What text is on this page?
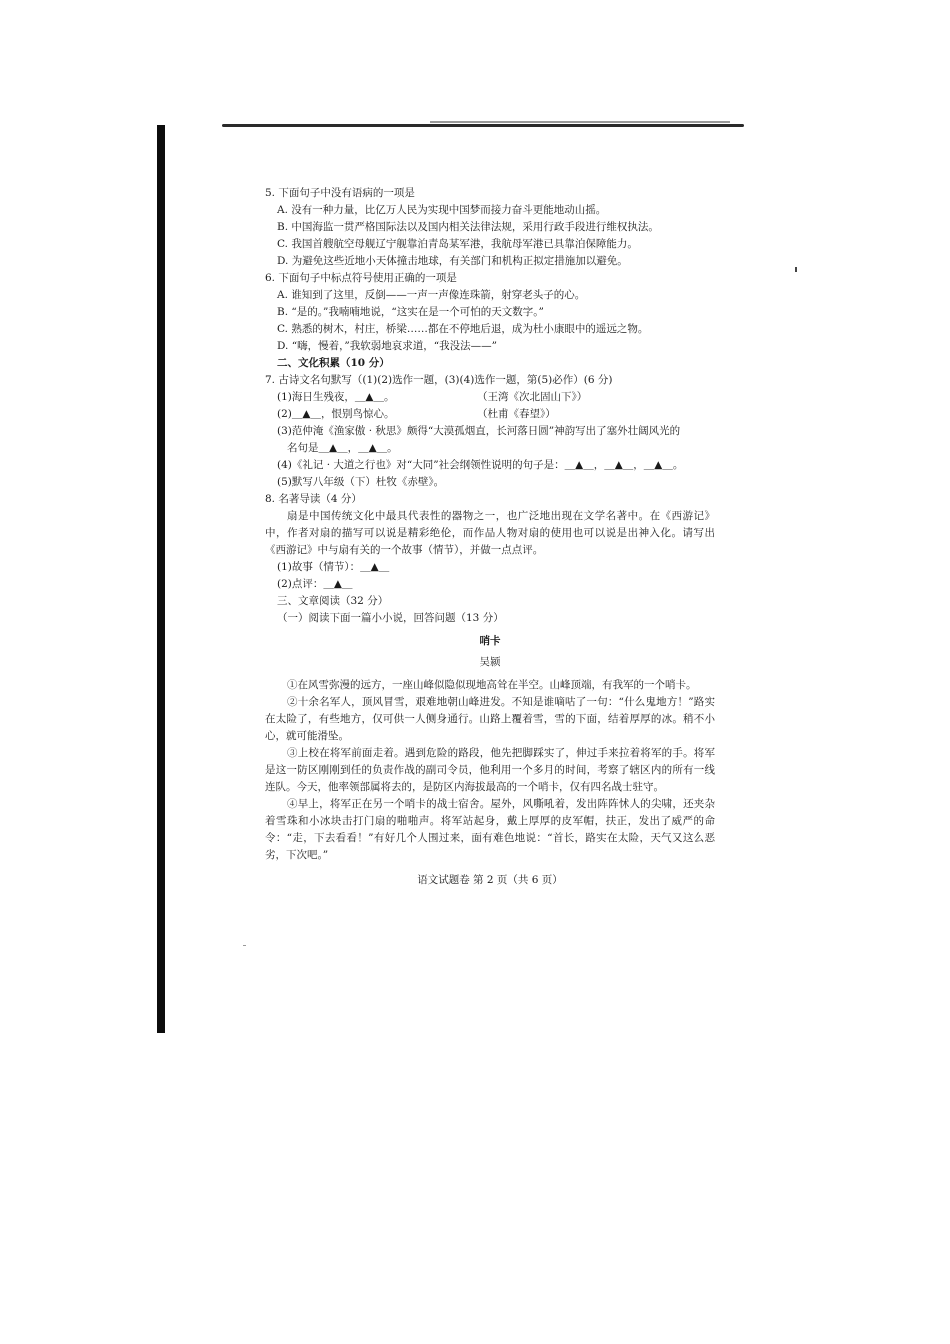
5. 下面句子中没有语病的一项是
A. 没有一种力量，比亿万人民为实现中国梦而接力奋斗更能地动山摇。
B. 中国海监一贯严格国际法以及国内相关法律法规，采用行政手段进行维权执法。
C. 我国首艘航空母舰辽宁舰靠泊青岛某军港，我航母军港已具靠泊保障能力。
D. 为避免这些近地小天体撞击地球，有关部门和机构正拟定措施加以避免。
6. 下面句子中标点符号使用正确的一项是
A. 谁知到了这里，反倒——一声一声像连珠箭，射穿老头子的心。
B. “是的。”我喃喃地说，“这实在是一个可怕的天文数字。”
C. 熟悉的树木，村庄，桥梁……都在不停地后退，成为杜小康眼中的遥远之物。
D. “嗨，慢着，”我软弱地哀求道，“我没法——”
二、文化积累（10 分）
7. 古诗文名句默写（(1)(2)选作一题，(3)(4)选作一题，第(5)必作）(6 分)
(1)海日生残夜，＿▲＿。	（王湾《次北固山下》）
(2)＿▲＿，恨别鸟惊心。	（杜甫《春望》）
(3)范仲淹《渔家傲 · 秋思》颇得“大漠孤烟直，长河落日圆”神韵写出了塞外壮阔风光的
名句是＿▲＿，＿▲＿。
(4)《礼记 · 大道之行也》对“大同”社会纲领性说明的句子是：＿▲＿，＿▲＿，＿▲＿。
(5)默写八年级（下）杜牧《赤壁》。
8. 名著导读（4 分）

扇是中国传统文化中最具代表性的器物之一，也广泛地出现在文学名著中。在《西游记》中，作者对扇的描写可以说是精彩绝伦，而作品人物对扇的使用也可以说是出神入化。请写出《西游记》中与扇有关的一个故事（情节），并做一点点评。

(1)故事（情节）：＿▲＿
(2)点评：＿▲＿
三、文章阅读（32 分）
（一）阅读下面一篇小小说，回答问题（13 分）
哨卡
吴颍

①在风雪弥漫的远方，一座山峰似隐似现地高耸在半空。山峰顶端，有我军的一个哨卡。

②十余名军人，顶风冒雪，艰难地朝山峰进发。不知是谁嘀咕了一句：“什么鬼地方！”路实在太险了，有些地方，仅可供一人侧身通行。山路上覆着雪，雪的下面，结着厚厚的冰。稍不小心，就可能滑坠。

③上校在将军前面走着。遇到危险的路段，他先把脚踩实了，伸过手来拉着将军的手。将军是这一防区刚刚到任的负责作战的副司令员，他利用一个多月的时间，考察了辖区内的所有一线连队。今天，他率领部属将去的，是防区内海拔最高的一个哨卡，仅有四名战士驻守。

④早上，将军正在另一个哨卡的战士宿舍。屋外，风嘶吼着，发出阵阵怵人的尖啸，还夹杂着雪珠和小冰块击打门扇的啪啪声。将军站起身，戴上厚厚的皮军帽，扶正，发出了威严的命令：“走，下去看看！”有好几个人围过来，面有难色地说：“首长，路实在太险，天气又这么恶劣，下次吧。”

语文试题卷 第 2 页（共 6 页）
